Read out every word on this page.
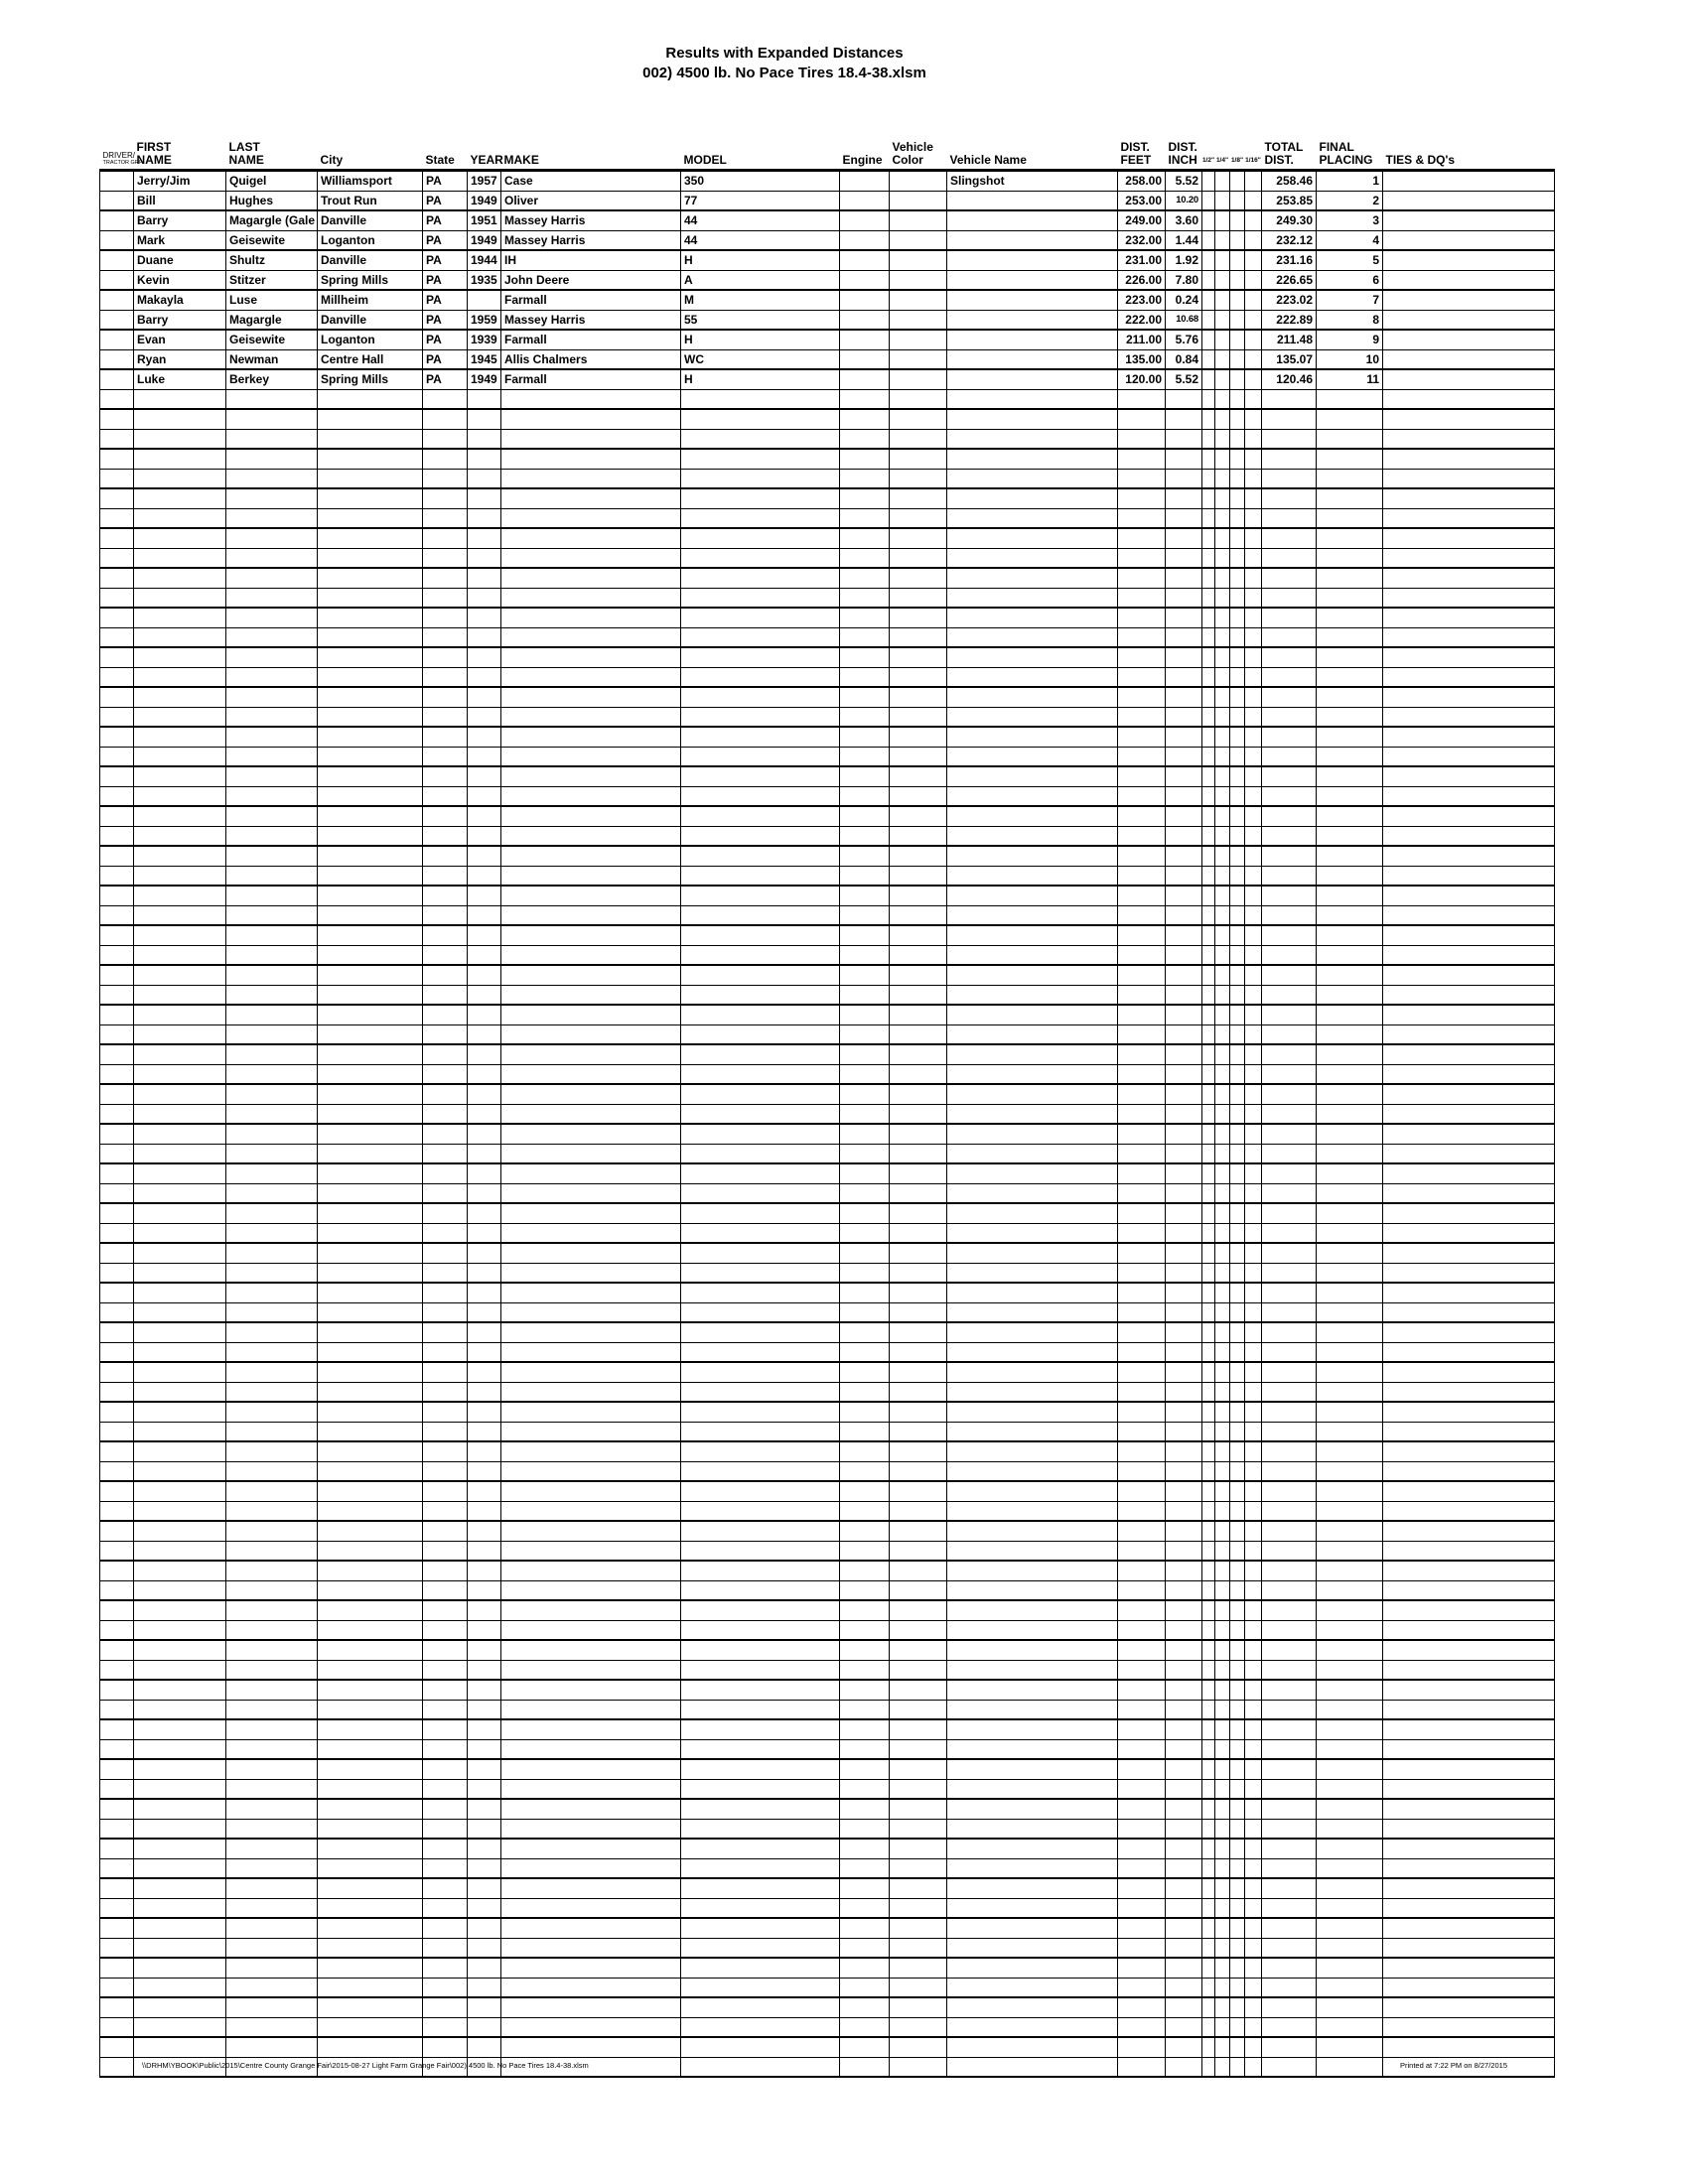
Results with Expanded Distances
002) 4500 lb. No Pace Tires 18.4-38.xlsm
DRIVER/
TRACTOR GRP

FIRST
NAME

LAST
NAME	City	State	YEAR	MAKE	MODEL	Engine

Vehicle
Color	Vehicle Name

DIST.
FEET

DIST.
INCH	1/2"	1/4"	1/8"	1/16"

TOTAL
DIST.

FINAL
PLACING	TIES & DQ's

	Jerry/Jim	Quigel	Williamsport	PA	1957	Case	350			Slingshot	258.00	5.52					258.46	1	
	Bill	Hughes	Trout Run	PA	1949	Oliver	77				253.00	10.20					253.85	2	
	Barry	Magargle (Gale	Danville	PA	1951	Massey Harris	44				249.00	3.60					249.30	3	
	Mark	Geisewite	Loganton	PA	1949	Massey Harris	44				232.00	1.44					232.12	4	
	Duane	Shultz	Danville	PA	1944	IH	H				231.00	1.92					231.16	5	
	Kevin	Stitzer	Spring Mills	PA	1935	John Deere	A				226.00	7.80					226.65	6	
	Makayla	Luse	Millheim	PA		Farmall	M				223.00	0.24					223.02	7	
	Barry	Magargle	Danville	PA	1959	Massey Harris	55				222.00	10.68					222.89	8	
	Evan	Geisewite	Loganton	PA	1939	Farmall	H				211.00	5.76					211.48	9	
	Ryan	Newman	Centre Hall	PA	1945	Allis Chalmers	WC				135.00	0.84					135.07	10	
	Luke	Berkey	Spring Mills	PA	1949	Farmall	H				120.00	5.52					120.46	11	

\\DRHM\YBOOK\Public\2015\Centre County Grange Fair\2015-08-27 Light Farm Grange Fair\002) 4500 lb. No Pace Tires 18.4-38.xlsm	Printed at 7:22 PM on 8/27/2015
